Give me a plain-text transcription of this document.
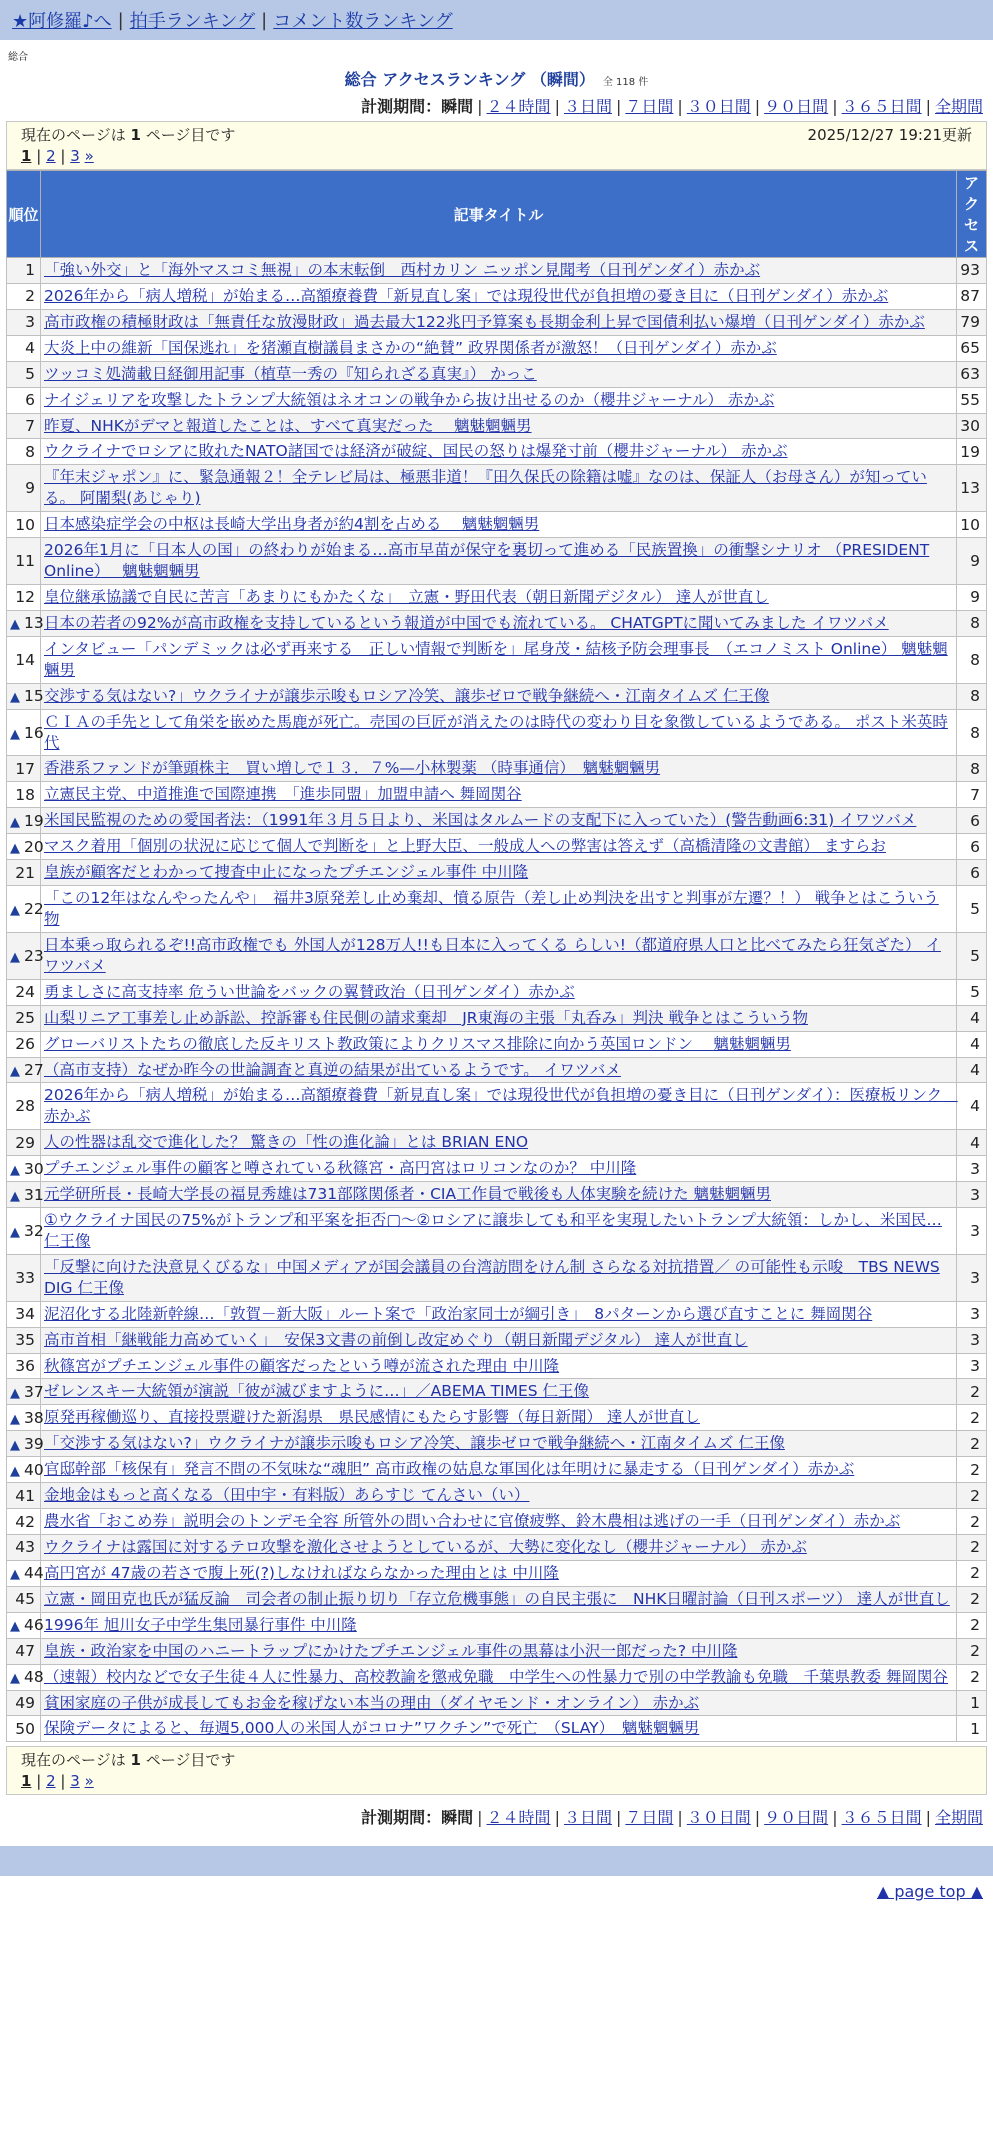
★阿修羅♪へ | 拍手ランキング | コメント数ランキング
総合
総合 アクセスランキング （瞬間） 全 118 件
計測期間：瞬間 | ２４時間 | ３日間 | ７日間 | ３０日間 | ９０日間 | ３６５日間 | 全期間
現在のページは 1 ページ目です	2025/12/27 19:21更新
1 | 2 | 3 »
順位	記事タイトル	アクセス
1	「強い外交」と「海外マスコミ無視」の本末転倒　西村カリン ニッポン見聞考（日刊ゲンダイ）赤かぶ	93
2	2026年から「病人増税」が始まる…高額療養費「新見直し案」では現役世代が負担増の憂き目に（日刊ゲンダイ）赤かぶ	87
3	高市政権の積極財政は「無責任な放漫財政」過去最大122兆円予算案も長期金利上昇で国債利払い爆増（日刊ゲンダイ）赤かぶ	79
4	大炎上中の維新「国保逃れ」を猪瀬直樹議員まさかの“絶賛” 政界関係者が激怒！（日刊ゲンダイ）赤かぶ	65
5	ツッコミ処満載日経御用記事（植草一秀の『知られざる真実』） かっこ	63
6	ナイジェリアを攻撃したトランプ大統領はネオコンの戦争から抜け出せるのか（櫻井ジャーナル） 赤かぶ	55
7	昨夏、NHKがデマと報道したことは、すべて真実だった　 魑魅魍魎男	30
8	ウクライナでロシアに敗れたNATO諸国では経済が破綻、国民の怒りは爆発寸前（櫻井ジャーナル） 赤かぶ	19
9	『年末ジャポン』に、緊急通報２！全テレビ局は、極悪非道！『田久保氏の除籍は嘘』なのは、保証人（お母さん）が知っている。 阿闍梨(あじゃり)	13
10	日本感染症学会の中枢は長崎大学出身者が約4割を占める　 魑魅魍魎男	10
11	2026年1月に「日本人の国」の終わりが始まる…高市早苗が保守を裏切って進める「民族置換」の衝撃シナリオ （PRESIDENT Online）　 魑魅魍魎男	9
12	皇位継承協議で自民に苦言「あまりにもかたくな」　立憲・野田代表（朝日新聞デジタル） 達人が世直し	9
▲ 13	日本の若者の92%が高市政権を支持しているという報道が中国でも流れている。 CHATGPTに聞いてみました イワツバメ	8
14	インタビュー「パンデミックは必ず再来する　正しい情報で判断を」尾身茂・結核予防会理事長　（エコノミスト Online） 魑魅魍魎男	8
▲ 15	交渉する気はない?」ウクライナが譲歩示唆もロシア冷笑、譲歩ゼロで戦争継続へ・江南タイムズ 仁王像	8
▲ 16	ＣＩＡの手先として角栄を嵌めた馬鹿が死亡。売国の巨匠が消えたのは時代の変わり目を象徴しているようである。 ポスト米英時代	8
17	香港系ファンドが筆頭株主　買い増しで１３．７%—小林製薬 （時事通信）　魑魅魍魎男	8
18	立憲民主党、中道推進で国際連携　「進歩同盟」加盟申請へ 舞岡関谷	7
▲ 19	米国民監視のための愛国者法：（1991年３月５日より、米国はタルムードの支配下に入っていた）(警告動画6:31) イワツバメ	6
▲ 20	マスク着用「個別の状況に応じて個人で判断を」と上野大臣、一般成人への弊害は答えず（高橋清隆の文書館） ますらお	6
21	皇族が顧客だとわかって捜査中止になったプチエンジェル事件 中川隆	6
▲ 22	「この12年はなんやったんや」　福井3原発差し止め棄却、憤る原告（差し止め判決を出すと判事が左遷？！） 戦争とはこういう物	5
▲ 23	日本乗っ取られるぞ!!高市政権でも 外国人が128万人!!も日本に入ってくる らしい!（都道府県人口と比べてみたら狂気ざた） イワツバメ	5
24	勇ましさに高支持率 危うい世論をバックの翼賛政治（日刊ゲンダイ）赤かぶ	5
25	山梨リニア工事差し止め訴訟、控訴審も住民側の請求棄却　JR東海の主張「丸呑み」判決 戦争とはこういう物	4
26	グローバリストたちの徹底した反キリスト教政策によりクリスマス排除に向かう英国ロンドン　 魑魅魍魎男	4
▲ 27	（高市支持）なぜか昨今の世論調査と真逆の結果が出ているようです。 イワツバメ	4
28	2026年から「病人増税」が始まる…高額療養費「新見直し案」では現役世代が負担増の憂き目に（日刊ゲンダイ）：医療板リンク　赤かぶ	4
29	人の性器は乱交で進化した？ 驚きの「性の進化論」とは BRIAN ENO	4
▲ 30	プチエンジェル事件の顧客と噂されている秋篠宮・高円宮はロリコンなのか？ 中川隆	3
▲ 31	元学研所長・長崎大学長の福見秀雄は731部隊関係者・CIA工作員で戦後も人体実験を続けた 魑魅魍魎男	3
▲ 32	①ウクライナ国民の75%がトランプ和平案を拒否▢〜②ロシアに譲歩しても和平を実現したいトランプ大統領：しかし、米国民… 仁王像	3
33	「反撃に向けた決意見くびるな」中国メディアが国会議員の台湾訪問をけん制 さらなる対抗措置／ の可能性も示唆　TBS NEWS DIG 仁王像	3
34	泥沼化する北陸新幹線…「敦賀－新大阪」ルート案で「政治家同士が綱引き」　8パターンから選び直すことに 舞岡関谷	3
35	高市首相「継戦能力高めていく」　安保3文書の前倒し改定めぐり（朝日新聞デジタル） 達人が世直し	3
36	秋篠宮がプチエンジェル事件の顧客だったという噂が流された理由 中川隆	3
▲ 37	ゼレンスキー大統領が演説「彼が滅びますように…」／ABEMA TIMES 仁王像	2
▲ 38	原発再稼働巡り、直接投票避けた新潟県　県民感情にもたらす影響（毎日新聞） 達人が世直し	2
▲ 39	「交渉する気はない?」ウクライナが譲歩示唆もロシア冷笑、譲歩ゼロで戦争継続へ・江南タイムズ 仁王像	2
▲ 40	官邸幹部「核保有」発言不問の不気味な“魂胆” 高市政権の姑息な軍国化は年明けに暴走する（日刊ゲンダイ）赤かぶ	2
41	金地金はもっと高くなる（田中宇・有料版）あらすじ てんさい（い）	2
42	農水省「おこめ券」説明会のトンデモ全容 所管外の問い合わせに官僚疲弊、鈴木農相は逃げの一手（日刊ゲンダイ）赤かぶ	2
43	ウクライナは露国に対するテロ攻撃を激化させようとしているが、大勢に変化なし（櫻井ジャーナル） 赤かぶ	2
▲ 44	高円宮が 47歳の若さで腹上死(?)しなければならなかった理由とは 中川隆	2
45	立憲・岡田克也氏が猛反論　司会者の制止振り切り「存立危機事態」の自民主張に　NHK日曜討論（日刊スポーツ） 達人が世直し	2
▲ 46	1996年 旭川女子中学生集団暴行事件 中川隆	2
47	皇族・政治家を中国のハニートラップにかけたプチエンジェル事件の黒幕は小沢一郎だった? 中川隆	2
▲ 48	（速報）校内などで女子生徒４人に性暴力、高校教諭を懲戒免職　中学生への性暴力で別の中学教諭も免職　千葉県教委 舞岡関谷	2
49	貧困家庭の子供が成長してもお金を稼げない本当の理由（ダイヤモンド・オンライン） 赤かぶ	1
50	保険データによると、毎週5,000人の米国人がコロナ”ワクチン”で死亡　（SLAY）　魑魅魍魎男	1
現在のページは 1 ページ目です
1 | 2 | 3 »
計測期間：瞬間 | ２４時間 | ３日間 | ７日間 | ３０日間 | ９０日間 | ３６５日間 | 全期間
▲ page top ▲
